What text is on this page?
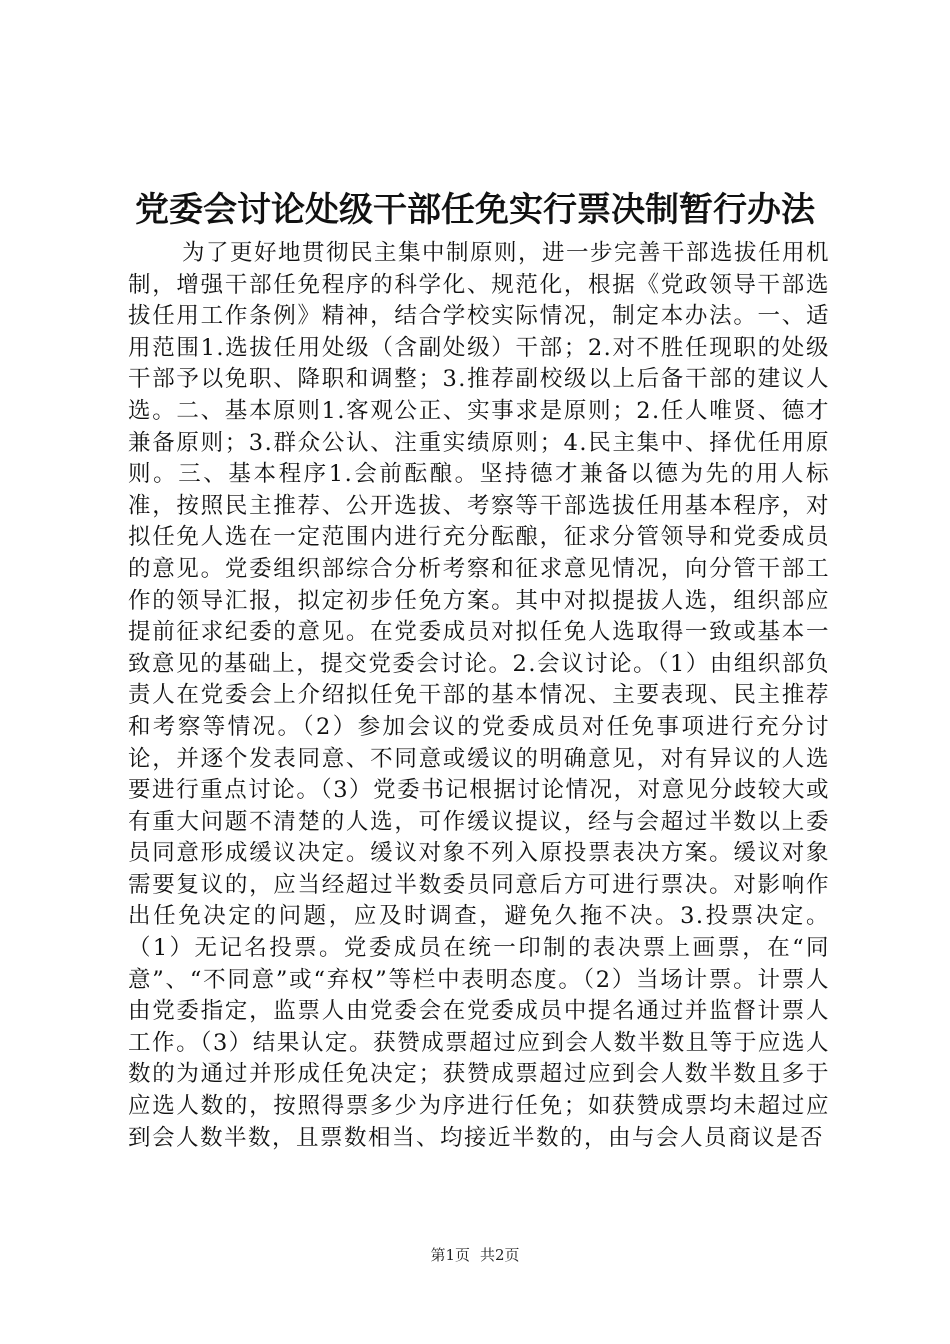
党委会讨论处级干部任免实行票决制暂行办法

为了更好地贯彻民主集中制原则，进一步完善干部选拔任用机制，增强干部任免程序的科学化、规范化，根据《党政领导干部选拔任用工作条例》精神，结合学校实际情况，制定本办法。一、适用范围1.选拔任用处级（含副处级）干部；2.对不胜任现职的处级干部予以免职、降职和调整；3.推荐副校级以上后备干部的建议人选。二、基本原则1.客观公正、实事求是原则；2.任人唯贤、德才兼备原则；3.群众公认、注重实绩原则；4.民主集中、择优任用原则。三、基本程序1.会前酝酿。坚持德才兼备以德为先的用人标准，按照民主推荐、公开选拔、考察等干部选拔任用基本程序，对拟任免人选在一定范围内进行充分酝酿，征求分管领导和党委成员的意见。党委组织部综合分析考察和征求意见情况，向分管干部工作的领导汇报，拟定初步任免方案。其中对拟提拔人选，组织部应提前征求纪委的意见。在党委成员对拟任免人选取得一致或基本一致意见的基础上，提交党委会讨论。2.会议讨论。（1）由组织部负责人在党委会上介绍拟任免干部的基本情况、主要表现、民主推荐和考察等情况。（2）参加会议的党委成员对任免事项进行充分讨论，并逐个发表同意、不同意或缓议的明确意见，对有异议的人选要进行重点讨论。（3）党委书记根据讨论情况，对意见分歧较大或有重大问题不清楚的人选，可作缓议提议，经与会超过半数以上委员同意形成缓议决定。缓议对象不列入原投票表决方案。缓议对象需要复议的，应当经超过半数委员同意后方可进行票决。对影响作出任免决定的问题，应及时调查，避免久拖不决。3.投票决定。（1）无记名投票。党委成员在统一印制的表决票上画票，在“同意”、“不同意”或“弃权”等栏中表明态度。（2）当场计票。计票人由党委指定，监票人由党委会在党委成员中提名通过并监督计票人工作。（3）结果认定。获赞成票超过应到会人数半数且等于应选人数的为通过并形成任免决定；获赞成票超过应到会人数半数且多于应选人数的，按照得票多少为序进行任免；如获赞成票均未超过应到会人数半数，且票数相当、均接近半数的，由与会人员商议是否

第1页 共2页
